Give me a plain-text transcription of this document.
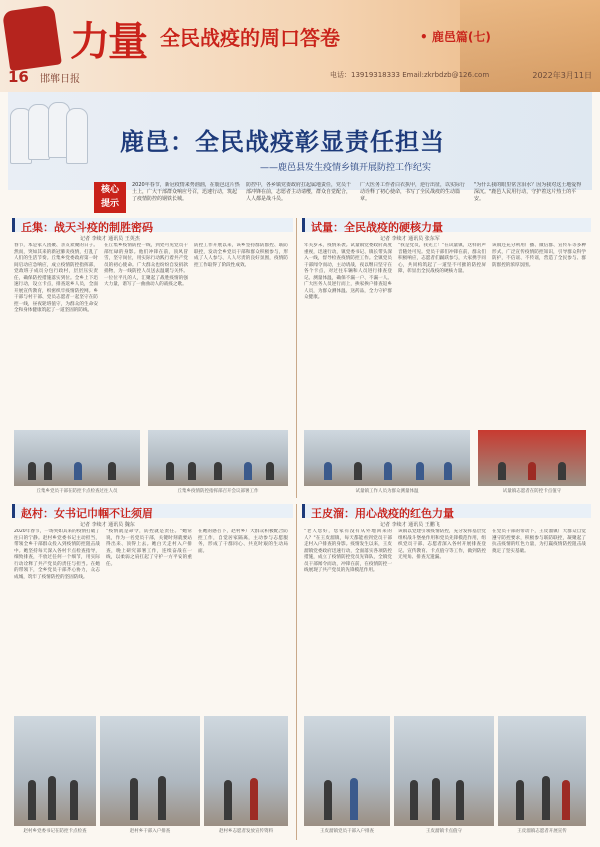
力量 全民战疫的周口答卷	• 鹿邑篇(七)
16 邯郸日报	电话：13919318333 Email:zkrbdzb@126.com	2022年3月11日
鹿邑：全民战疫彰显责任担当
——鹿邑县发生疫情乡镇开展防控工作纪实
核心
提示
2020年春节，新冠疫情来势汹汹，在鹿邑这片热土上，广大干部群众响应号召，迅速行动，筑起了疫情防控的钢铁长城。
防控中，各乡镇党委政府扛起属地责任，党员干部冲锋在前，志愿者主动请缨，群众自觉配合，人人都是战斗员。
广大医务工作者白衣执甲，逆行出征，以实际行动诠释了初心使命，书写了全民战疫的生动篇章。
"为什么我的眼里常含泪水？因为我对这土地爱得深沉。"鹿邑人民用行动，守护着这片热土的平安。
丘集：战天斗疫的制胜密码
记者 李续才 通讯员 王英杰
春节，本是家人团聚、亲友欢聚的日子。然而，突如其来的新冠肺炎疫情，打乱了人们的生活节奏。丘集乡党委政府第一时间启动应急响应，成立疫情防控指挥部，党政班子成员分包行政村，层层压实责任，确保防控措施落实到位。全乡上下迅速行动，设立卡点，排查返乡人员，全面开展宣传教育，织密织牢疫情防控网。乡干部与村干部、党员志愿者一起坚守在防控一线，昼夜轮班值守，为群众的生命安全和身体健康筑起了一道坚固的防线。
在丘集乡疫情防控一线，到处可见党员干部忙碌的身影。他们冲锋在前，顶风冒雪，坚守岗位，用实际行动践行着共产党员的初心使命。广大群众也纷纷自发捐款捐物，为一线防控人员送去温暖与关怀。一位位平凡的人，汇聚起了战胜疫情的强大力量，谱写了一曲曲动人的战疫之歌。
防控工作开展以来，该乡坚持群防群控、联防联控，发动全乡党员干部和群众积极参与，形成了人人参与、人人尽责的良好氛围，疫情防控工作取得了阶段性成效。
丘集乡党员干部在防控卡点检查过往人员	丘集乡疫情防控指挥部召开会议部署工作
试量：全民战疫的硬核力量
记者 李续才 通讯员 张东军
年关岁末，疫情来袭。试量镇党委政府高度重视，迅速行动，镇党委书记、镇长带头深入一线，督导检查疫情防控工作。全镇党员干部闻令而动，主动请战，夜以继日坚守在各个卡点，对过往车辆和人员进行排查登记、测量体温，确保不漏一户、不漏一人。广大医务人员逆行而上，挨家挨户排查返乡人员，为群众测体温、送药品，全力守护群众健康。
"我是党员，我先上！"在试量镇，这样的声音随处可见。党员干部们冲锋在前，群众们积极响应，志愿者们踊跃参与，大家携手同心，共同构筑起了一道坚不可摧的防控屏障，彰显出全民战疫的硬核力量。
该镇还充分利用广播、微信群、宣传车等多种形式，广泛宣传疫情防控知识，引导群众科学防护，不信谣、不传谣，营造了全民参与、群防群控的浓厚氛围。
试量镇工作人员为群众测量体温	试量镇志愿者在防控卡点值守
赵村：女书记巾帼不让须眉
记者 李续才 通讯员 魏东
2020年春节，一场突如其来的疫情打破了往日的宁静。赵村乡党委书记主动担当，带领全乡干部群众投入到疫情防控阻击战中。她坚持每天深入各村卡点检查指导，细致排查，不放过任何一个细节，用实际行动诠释了共产党员的责任与担当。在她的带领下，全乡党员干部齐心协力，众志成城，筑牢了疫情防控的坚固防线。
"疫情就是命令，防控就是责任。"她常说，作为一名党员干部，关键时刻就要站得出来、顶得上去。她白天走村入户排查，晚上研究部署工作，连续奋战在一线，以柔弱之肩扛起了守护一方平安的重任。
在她的感召下，赵村乡广大群众积极配合防控工作，自觉居家隔离，主动参与志愿服务，形成了干群同心、共克时艰的生动局面。
赵村乡党委书记在防控卡点检查	赵村乡干部入户排查	赵村乡志愿者发放宣传资料
王皮溜：用心战疫的红色力量
记者 李续才 通讯员 王鹏飞
"老人您好，您家有没有从外地回来的人？"在王皮溜镇，每天都能看到党员干部走村入户排查的身影。疫情发生以来，王皮溜镇党委政府迅速行动，全面落实各项防控措施，成立了疫情防控党员先锋队，全镇党员干部闻令而动，冲锋在前，在疫情防控一线展现了共产党员的先锋模范作用。
该镇以党建引领疫情防控，充分发挥基层党组织战斗堡垒作用和党员先锋模范作用，组织党员干部、志愿者深入各村开展排查登记、宣传教育、卡点值守等工作，做到防控无死角、排查无遗漏。
在党员干部的带动下，王皮溜镇广大群众自觉遵守防控要求，积极参与联防联控，凝聚起了抗击疫情的红色力量，为打赢疫情防控阻击战奠定了坚实基础。
王皮溜镇党员干部入户排查	王皮溜镇卡点值守	王皮溜镇志愿者开展宣传
